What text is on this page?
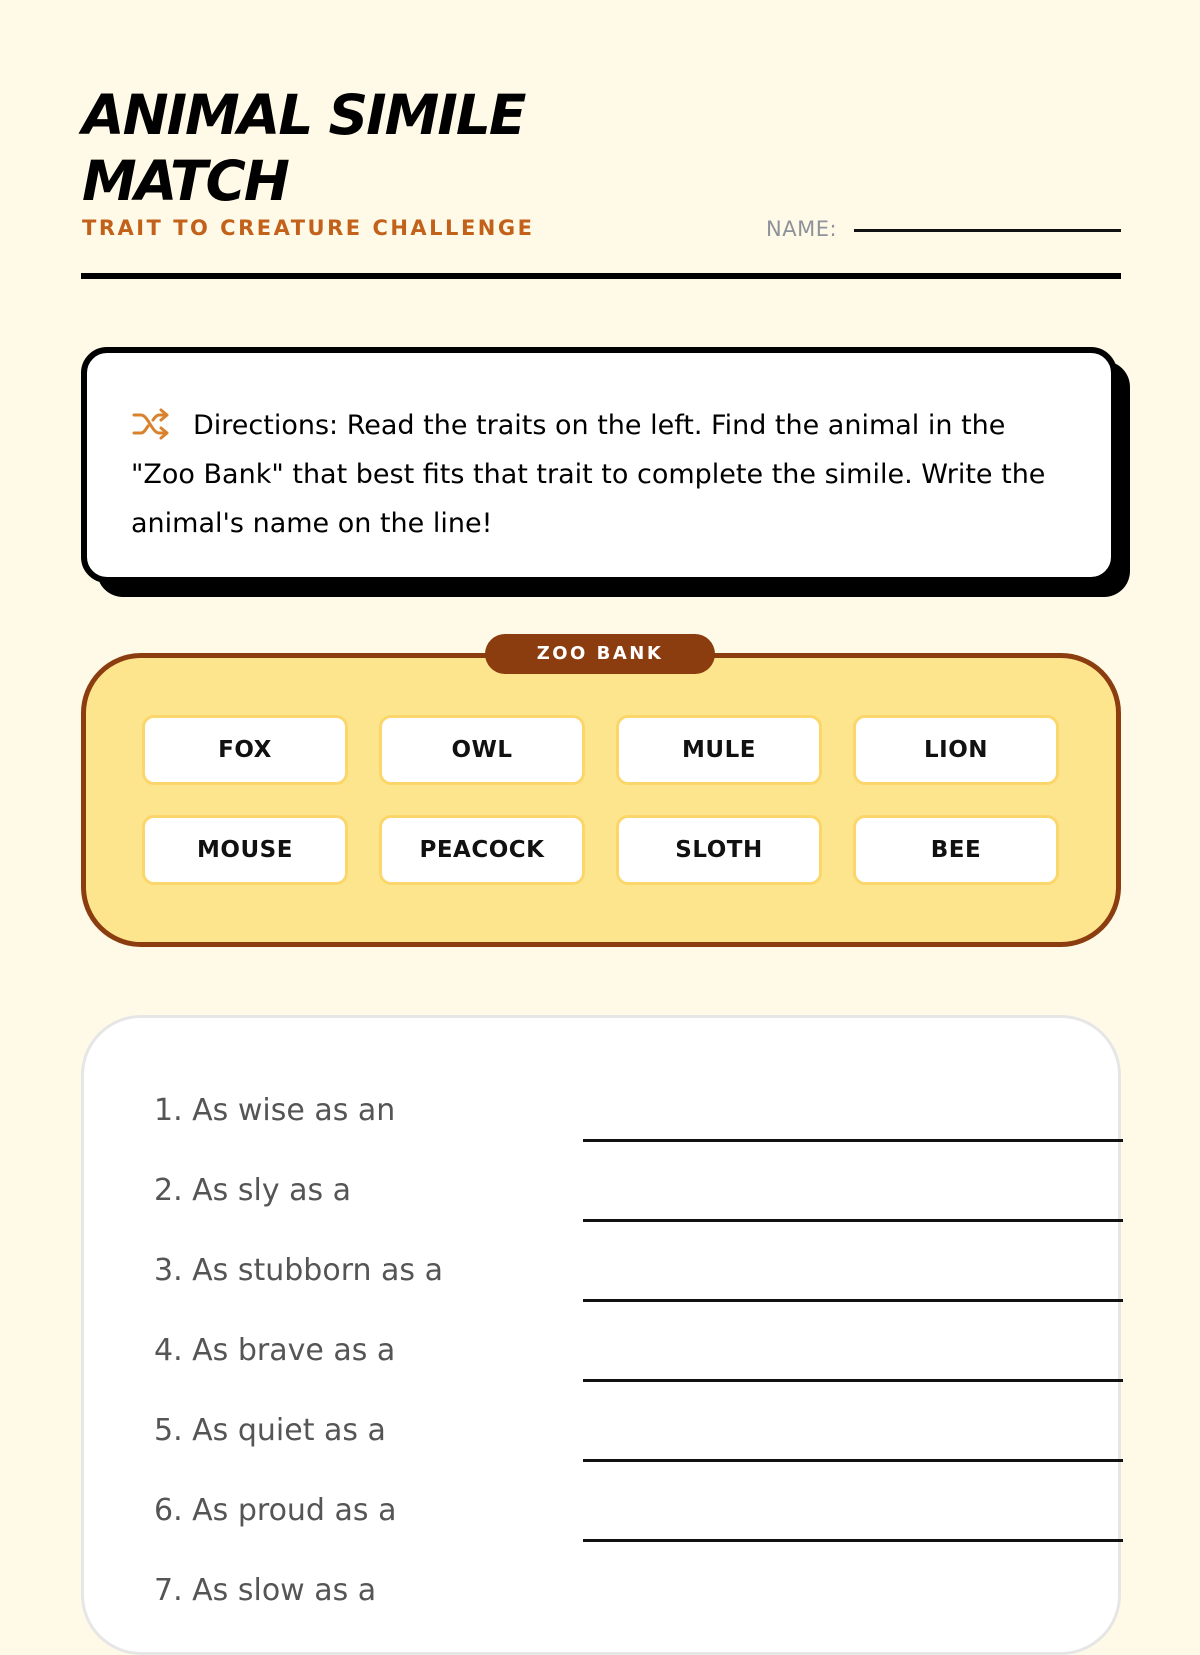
ANIMAL SIMILE MATCH
TRAIT TO CREATURE CHALLENGE	NAME:
Directions: Read the traits on the left. Find the animal in the "Zoo Bank" that best fits that trait to complete the simile. Write the animal's name on the line!
ZOO BANK
FOX	OWL	MULE	LION
MOUSE	PEACOCK	SLOTH	BEE
1. As wise as an
2. As sly as a
3. As stubborn as a
4. As brave as a
5. As quiet as a
6. As proud as a
7. As slow as a
